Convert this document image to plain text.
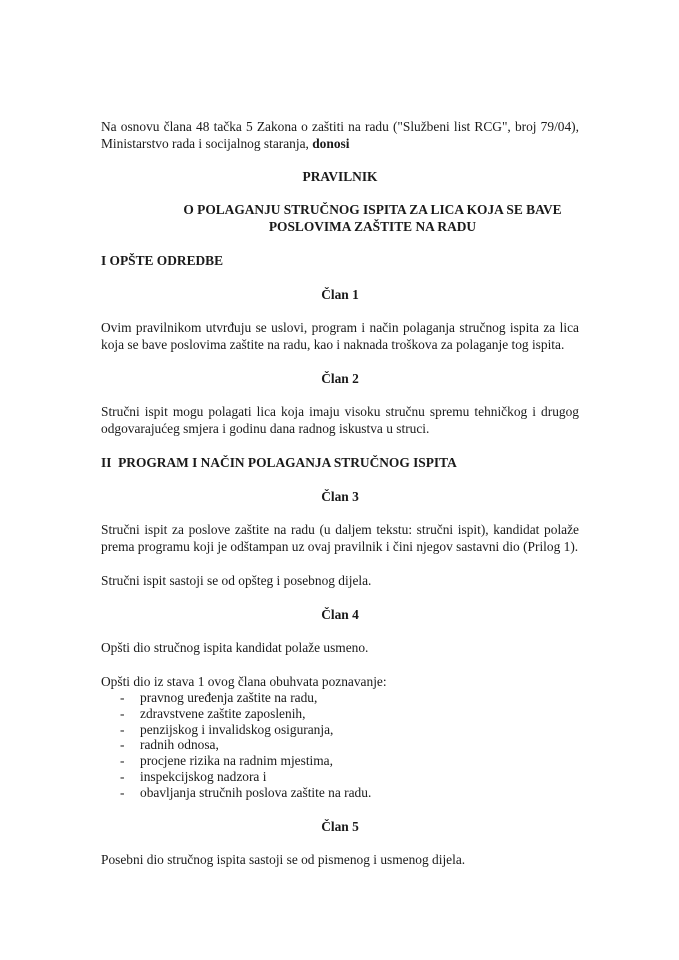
Na osnovu člana 48 tačka 5 Zakona o zaštiti na radu ("Službeni list RCG", broj 79/04), Ministarstvo rada i socijalnog staranja, donosi

PRAVILNIK

O POLAGANJU STRUČNOG ISPITA ZA LICA KOJA SE BAVE
POSLOVIMA ZAŠTITE NA RADU

I OPŠTE ODREDBE

Član 1

Ovim pravilnikom utvrđuju se uslovi, program i način polaganja stručnog ispita za lica koja se bave poslovima zaštite na radu, kao i naknada troškova za polaganje tog ispita.

Član 2

Stručni ispit mogu polagati lica koja imaju visoku stručnu spremu tehničkog i drugog odgovarajućeg smjera i godinu dana radnog iskustva u struci.

II  PROGRAM I NAČIN POLAGANJA STRUČNOG ISPITA

Član 3

Stručni ispit za poslove zaštite na radu (u daljem tekstu: stručni ispit), kandidat polaže prema programu koji je odštampan uz ovaj pravilnik i čini njegov sastavni dio (Prilog 1).

Stručni ispit sastoji se od opšteg i posebnog dijela.

Član 4

Opšti dio stručnog ispita kandidat polaže usmeno.

Opšti dio iz stava 1 ovog člana obuhvata poznavanje:

- pravnog uređenja zaštite na radu,
- zdravstvene zaštite zaposlenih,
- penzijskog i invalidskog osiguranja,
- radnih odnosa,
- procjene rizika na radnim mjestima,
- inspekcijskog nadzora i
- obavljanja stručnih poslova zaštite na radu.

Član 5

Posebni dio stručnog ispita sastoji se od pismenog i usmenog dijela.
